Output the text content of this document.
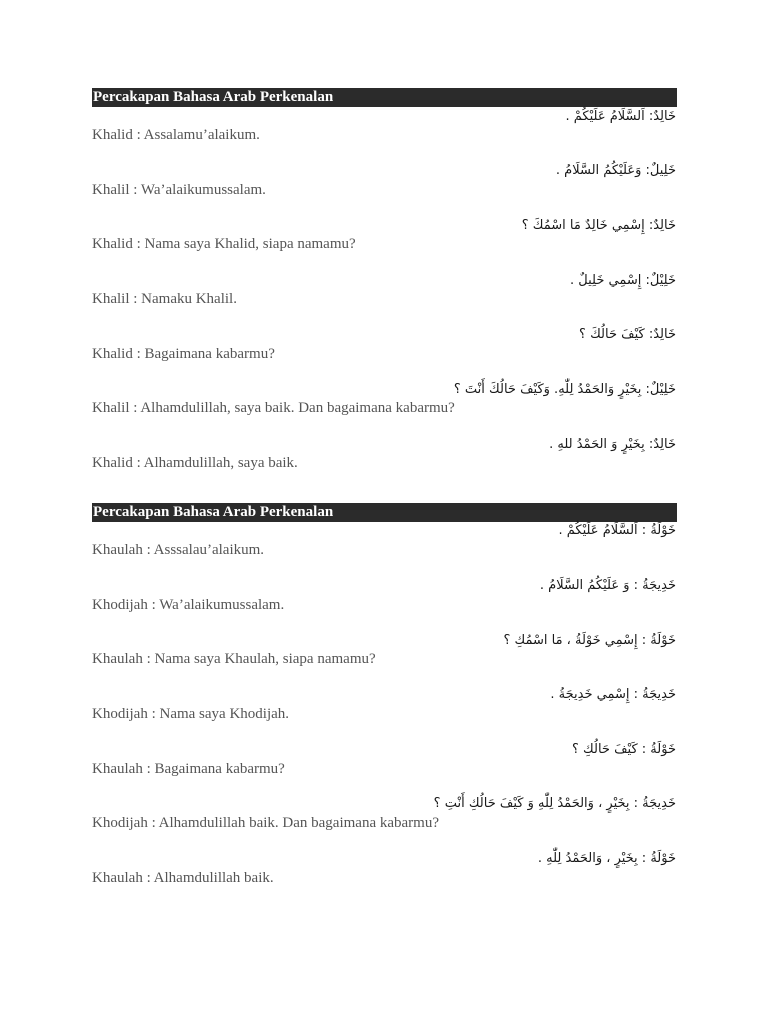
Percakapan Bahasa Arab Perkenalan
خَالِدٌ: اَلسَّلَامُ عَلَيْكُمْ .
Khalid : Assalamu’alaikum.
خَلِيلٌ: وَعَلَيْكُمُ السَّلَامُ .
Khalil : Wa’alaikumussalam.
خَالِدٌ: إِسْمِي خَالِدٌ مَا اسْمُكَ ؟
Khalid : Nama saya Khalid, siapa namamu?
خَلِيْلٌ: إِسْمِي خَلِيلٌ .
Khalil : Namaku Khalil.
خَالِدٌ: كَيْفَ حَالُكَ ؟
Khalid : Bagaimana kabarmu?
خَلِيْلٌ: بِخَيْرٍ وَالحَمْدُ لِلّٰهِ. وَكَيْفَ حَالُكَ أَنْتَ ؟
Khalil : Alhamdulillah, saya baik. Dan bagaimana kabarmu?
خَالِدٌ: بِخَيْرٍ وَ الحَمْدُ للهِ .
Khalid : Alhamdulillah, saya baik.
Percakapan Bahasa Arab Perkenalan
خَوْلَةُ : اَلسَّلَامُ عَلَيْكُمْ .
Khaulah : Asssalau’alaikum.
خَدِيجَةُ : وَ عَلَيْكُمُ السَّلَامُ .
Khodijah : Wa’alaikumussalam.
خَوْلَةُ : إِسْمِي خَوْلَةُ ، مَا اسْمُكِ ؟
Khaulah : Nama saya Khaulah, siapa namamu?
خَدِيجَةُ : إِسْمِي خَدِيجَةُ .
Khodijah : Nama saya Khodijah.
خَوْلَةُ : كَيْفَ حَالُكِ ؟
Khaulah : Bagaimana kabarmu?
خَدِيجَةُ : بِخَيْرٍ ، وَالحَمْدُ لِلّٰهِ وَ كَيْفَ حَالُكِ أَنْتِ ؟
Khodijah : Alhamdulillah baik. Dan bagaimana kabarmu?
خَوْلَةُ : بِخَيْرٍ ، وَالحَمْدُ لِلّٰهِ .
Khaulah : Alhamdulillah baik.
